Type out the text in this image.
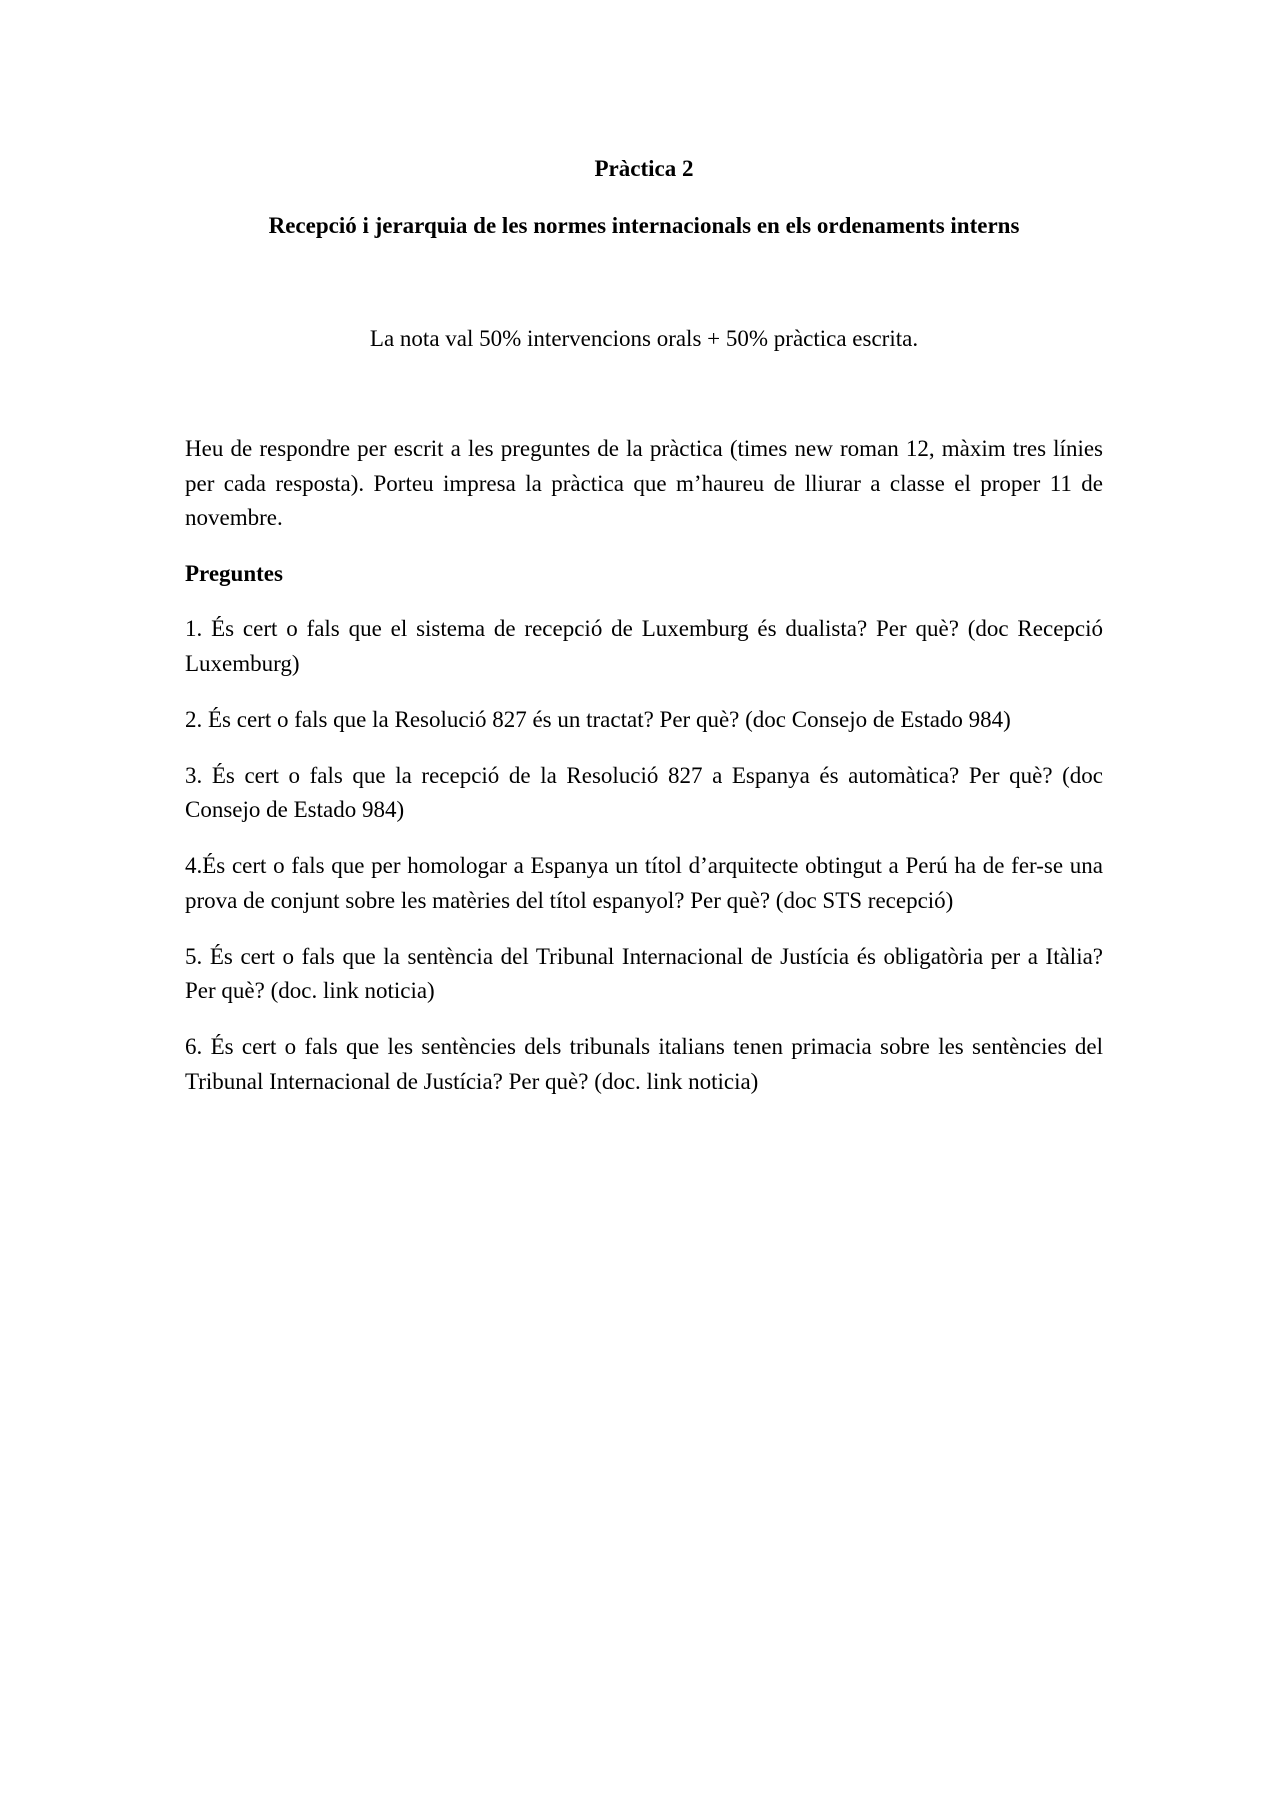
Pràctica 2
Recepció i jerarquia de les normes internacionals en els ordenaments interns
La nota val 50% intervencions orals + 50% pràctica escrita.

Heu de respondre per escrit a les preguntes de la pràctica (times new roman 12, màxim tres línies per cada resposta). Porteu impresa la pràctica que m’haureu de lliurar a classe el proper 11 de novembre.

Preguntes
1. És cert o fals que el sistema de recepció de Luxemburg és dualista? Per què? (doc Recepció Luxemburg)
2. És cert o fals que la Resolució 827 és un tractat? Per què? (doc Consejo de Estado 984)
3. És cert o fals que la recepció de la Resolució 827 a Espanya és automàtica? Per què? (doc Consejo de Estado 984)
4.És cert o fals que per homologar a Espanya un títol d’arquitecte obtingut a Perú ha de fer-se una prova de conjunt sobre les matèries del títol espanyol? Per què? (doc STS recepció)
5. És cert o fals que la sentència del Tribunal Internacional de Justícia és obligatòria per a Itàlia? Per què? (doc. link noticia)
6. És cert o fals que les sentències dels tribunals italians tenen primacia sobre les sentències del Tribunal Internacional de Justícia? Per què? (doc. link noticia)
